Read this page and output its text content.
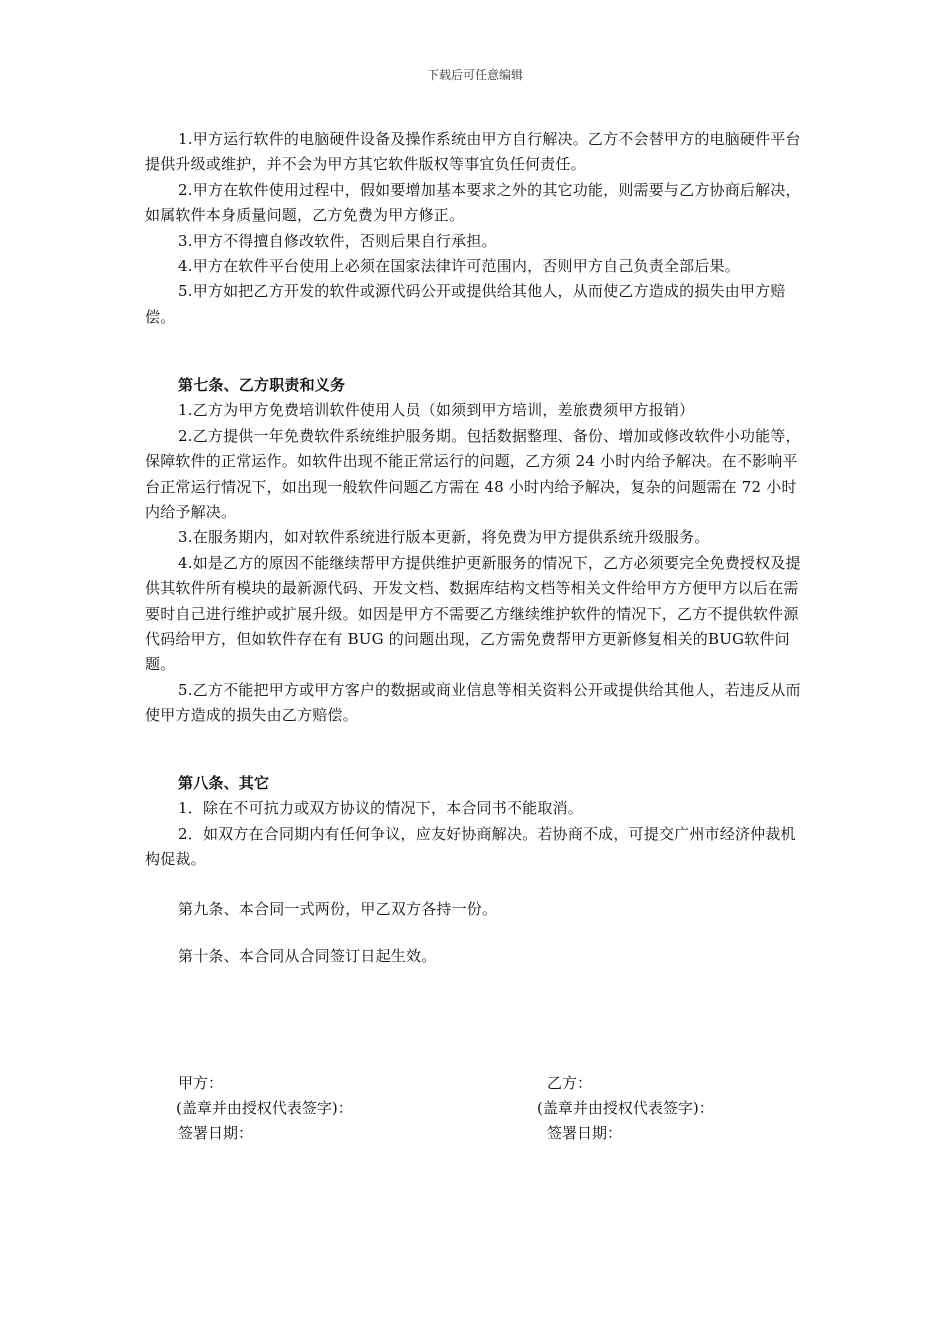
下载后可任意编辑

1.甲方运行软件的电脑硬件设备及操作系统由甲方自行解决。乙方不会替甲方的电脑硬件平台提供升级或维护，并不会为甲方其它软件版权等事宜负任何责任。

2.甲方在软件使用过程中，假如要增加基本要求之外的其它功能，则需要与乙方协商后解决，如属软件本身质量问题，乙方免费为甲方修正。

3.甲方不得擅自修改软件，否则后果自行承担。

4.甲方在软件平台使用上必须在国家法律许可范围内，否则甲方自己负责全部后果。

5.甲方如把乙方开发的软件或源代码公开或提供给其他人，从而使乙方造成的损失由甲方赔偿。

第七条、乙方职责和义务

1.乙方为甲方免费培训软件使用人员（如须到甲方培训，差旅费须甲方报销）

2.乙方提供一年免费软件系统维护服务期。包括数据整理、备份、增加或修改软件小功能等，保障软件的正常运作。如软件出现不能正常运行的问题，乙方须 24 小时内给予解决。在不影响平台正常运行情况下，如出现一般软件问题乙方需在 48 小时内给予解决，复杂的问题需在 72 小时内给予解决。

3.在服务期内，如对软件系统进行版本更新，将免费为甲方提供系统升级服务。

4.如是乙方的原因不能继续帮甲方提供维护更新服务的情况下，乙方必须要完全免费授权及提供其软件所有模块的最新源代码、开发文档、数据库结构文档等相关文件给甲方方便甲方以后在需要时自己进行维护或扩展升级。如因是甲方不需要乙方继续维护软件的情况下，乙方不提供软件源代码给甲方，但如软件存在有 BUG 的问题出现，乙方需免费帮甲方更新修复相关的BUG软件问题。

5.乙方不能把甲方或甲方客户的数据或商业信息等相关资料公开或提供给其他人，若违反从而使甲方造成的损失由乙方赔偿。

第八条、其它

1．除在不可抗力或双方协议的情况下，本合同书不能取消。

2．如双方在合同期内有任何争议，应友好协商解决。若协商不成，可提交广州市经济仲裁机构促裁。

第九条、本合同一式两份，甲乙双方各持一份。

第十条、本合同从合同签订日起生效。

甲方：

(盖章并由授权代表签字)：

签署日期：

乙方：

(盖章并由授权代表签字)：

签署日期：
